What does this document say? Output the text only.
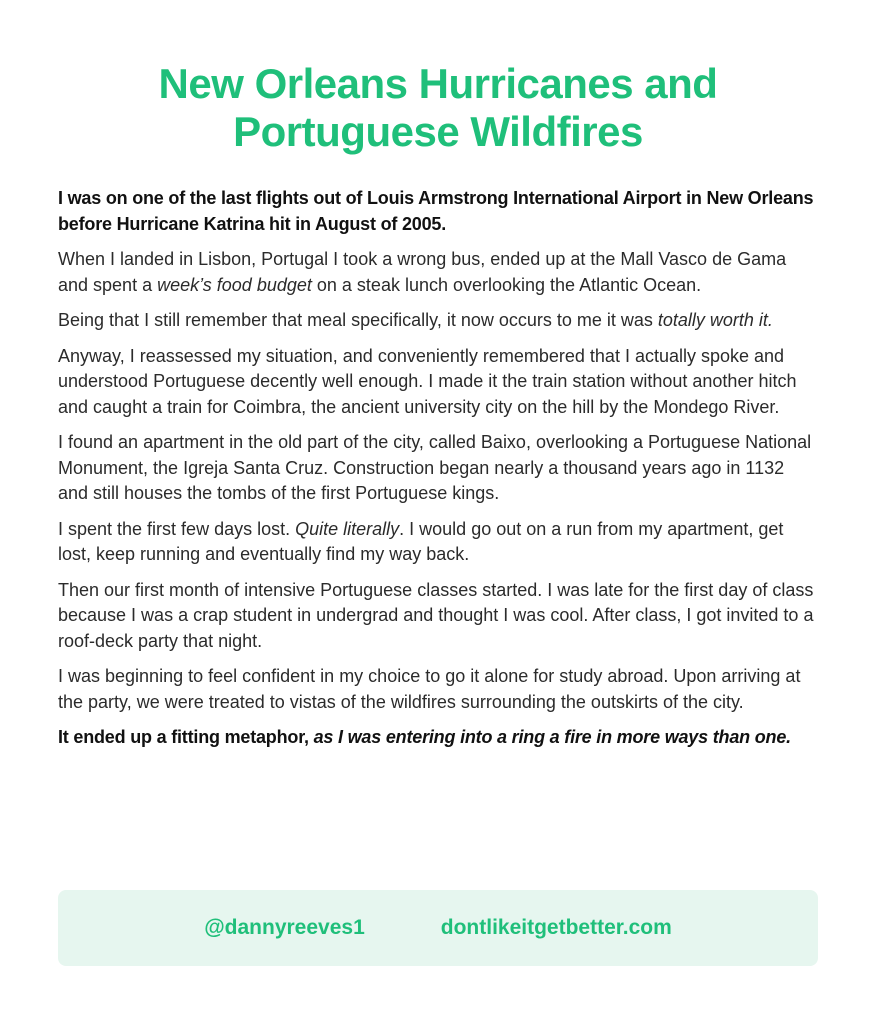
New Orleans Hurricanes and
Portuguese Wildfires

I was on one of the last flights out of Louis Armstrong International Airport in New Orleans before Hurricane Katrina hit in August of 2005.

When I landed in Lisbon, Portugal I took a wrong bus, ended up at the Mall Vasco de Gama and spent a week’s food budget on a steak lunch overlooking the Atlantic Ocean.

Being that I still remember that meal specifically, it now occurs to me it was totally worth it.

Anyway, I reassessed my situation, and conveniently remembered that I actually spoke and understood Portuguese decently well enough. I made it the train station without another hitch and caught a train for Coimbra, the ancient university city on the hill by the Mondego River.

I found an apartment in the old part of the city, called Baixo, overlooking a Portuguese National Monument, the Igreja Santa Cruz. Construction began nearly a thousand years ago in 1132 and still houses the tombs of the first Portuguese kings.

I spent the first few days lost. Quite literally. I would go out on a run from my apartment, get lost, keep running and eventually find my way back.

Then our first month of intensive Portuguese classes started. I was late for the first day of class because I was a crap student in undergrad and thought I was cool. After class, I got invited to a roof-deck party that night.

I was beginning to feel confident in my choice to go it alone for study abroad. Upon arriving at the party, we were treated to vistas of the wildfires surrounding the outskirts of the city.

It ended up a fitting metaphor, as I was entering into a ring a fire in more ways than one.

@dannyreeves1	dontlikeitgetbetter.com
